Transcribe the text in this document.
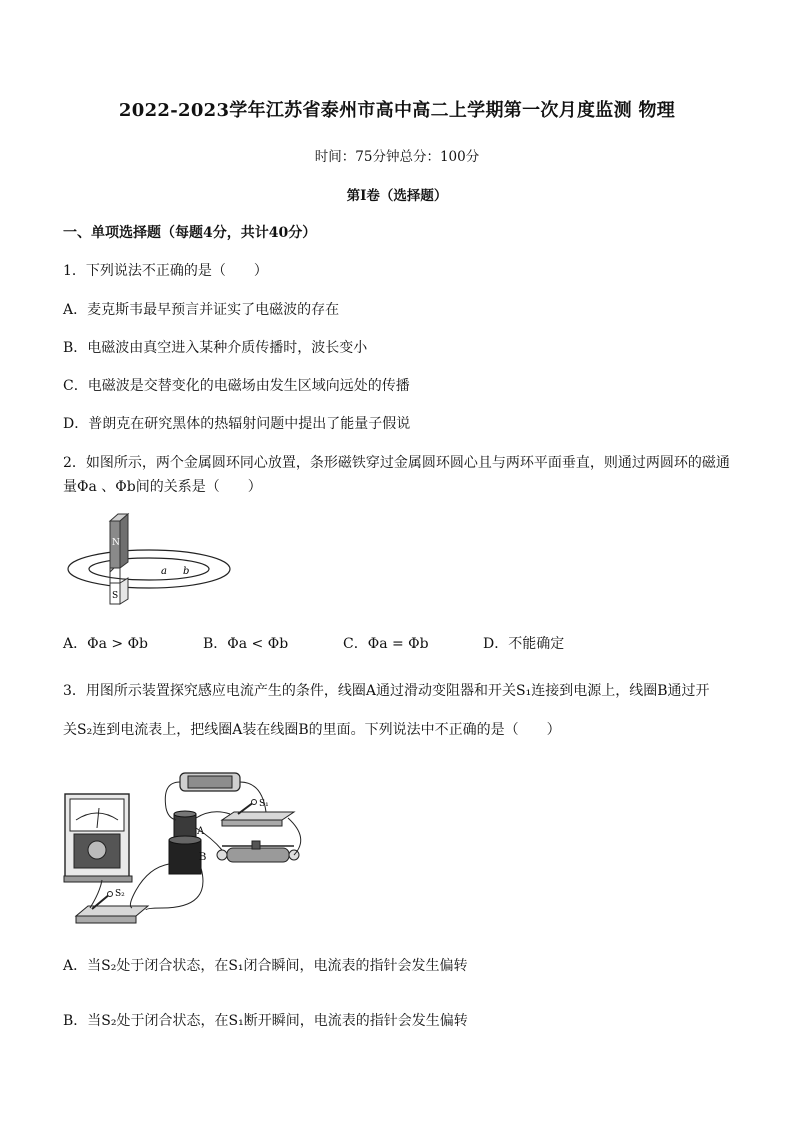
2022-2023学年江苏省泰州市高中高二上学期第一次月度监测 物理
时间：75分钟总分：100分
第Ⅰ卷（选择题）
一、单项选择题（每题4分，共计40分）
1．下列说法不正确的是（　　）
A．麦克斯韦最早预言并证实了电磁波的存在
B．电磁波由真空进入某种介质传播时，波长变小
C．电磁波是交替变化的电磁场由发生区域向远处的传播
D．普朗克在研究黑体的热辐射问题中提出了能量子假说
2．如图所示，两个金属圆环同心放置，条形磁铁穿过金属圆环圆心且与两环平面垂直，则通过两圆环的磁通
量Φa 、Φb间的关系是（　　）
N
S
a b
A．Φa > Φb	B．Φa < Φb	C．Φa = Φb	D．不能确定
3．用图所示装置探究感应电流产生的条件，线圈A通过滑动变阻器和开关S₁连接到电源上，线圈B通过开
关S₂连到电流表上，把线圈A装在线圈B的里面。下列说法中不正确的是（　　）
S₁
A
B
S₂
A．当S₂处于闭合状态，在S₁闭合瞬间，电流表的指针会发生偏转
B．当S₂处于闭合状态，在S₁断开瞬间，电流表的指针会发生偏转
